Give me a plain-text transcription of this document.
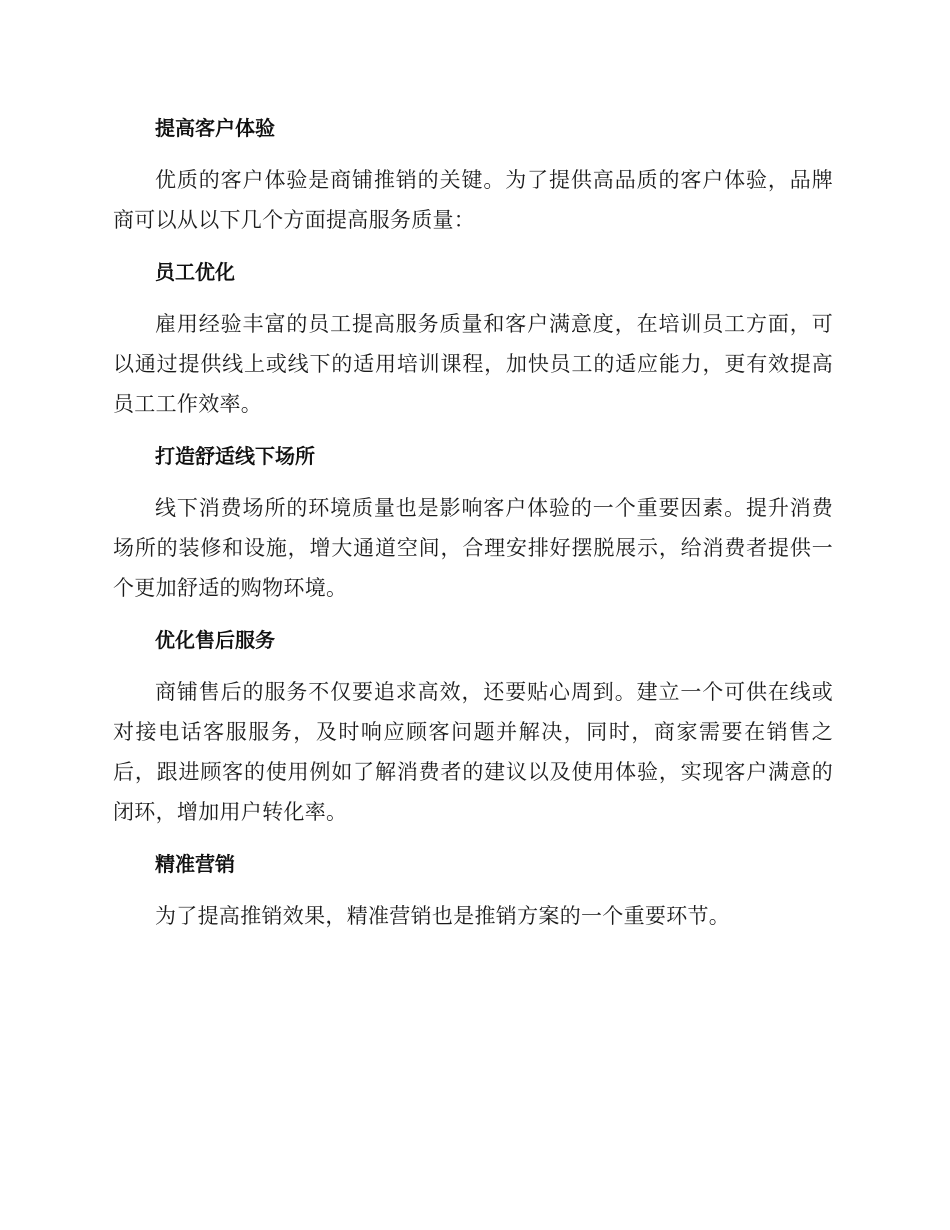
提高客户体验

优质的客户体验是商铺推销的关键。为了提供高品质的客户体验，品牌商可以从以下几个方面提高服务质量：

员工优化

雇用经验丰富的员工提高服务质量和客户满意度，在培训员工方面，可以通过提供线上或线下的适用培训课程，加快员工的适应能力，更有效提高员工工作效率。

打造舒适线下场所

线下消费场所的环境质量也是影响客户体验的一个重要因素。提升消费场所的装修和设施，增大通道空间，合理安排好摆脱展示，给消费者提供一个更加舒适的购物环境。

优化售后服务

商铺售后的服务不仅要追求高效，还要贴心周到。建立一个可供在线或对接电话客服服务，及时响应顾客问题并解决，同时，商家需要在销售之后，跟进顾客的使用例如了解消费者的建议以及使用体验，实现客户满意的闭环，增加用户转化率。

精准营销

为了提高推销效果，精准营销也是推销方案的一个重要环节。
